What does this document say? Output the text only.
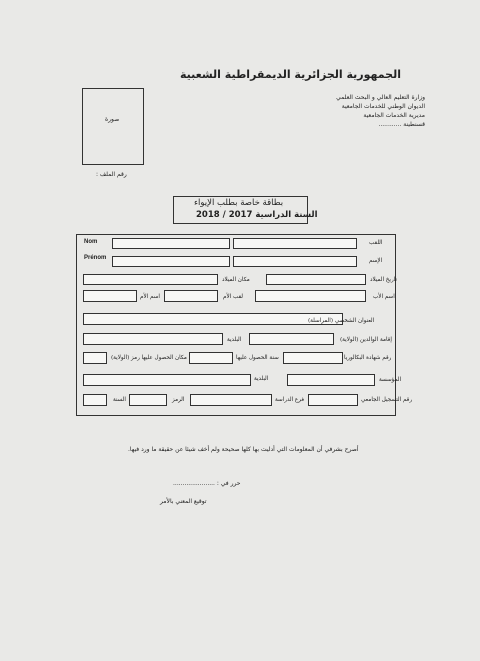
الجمهورية الجزائرية الديمقراطية الشعبية
وزارة التعليم العالي و البحث العلمي
الديوان الوطني للخدمات الجامعية
مديرية الخدمات الجامعية
قسنطينة ............
صورة
رقم الملف :
بطاقة خاصة بطلب الإيواء
السنة الدراسية 2017 / 2018
Nom	اللقب
Prénom	الإسم
مكان الميلاد	تاريخ الميلاد
اسم الأم	لقب الأم	اسم الأب
العنوان الشخصي (المراسلة)
البلدية	إقامة الوالدين (الولاية)
مكان الحصول عليها رمز (الولاية)	سنة الحصول عليها	رقم شهادة البكالوريا
البلدية	المؤسسة
السنة	الرمز	فرع الدراسة	رقم التسجيل الجامعي
أصرح بشرفي أن المعلومات التي أدليت بها كلها صحيحة ولم أخف شيئا عن حقيقة ما ورد فيها.
حرر في : ......................
توقيع المعني بالأمر
